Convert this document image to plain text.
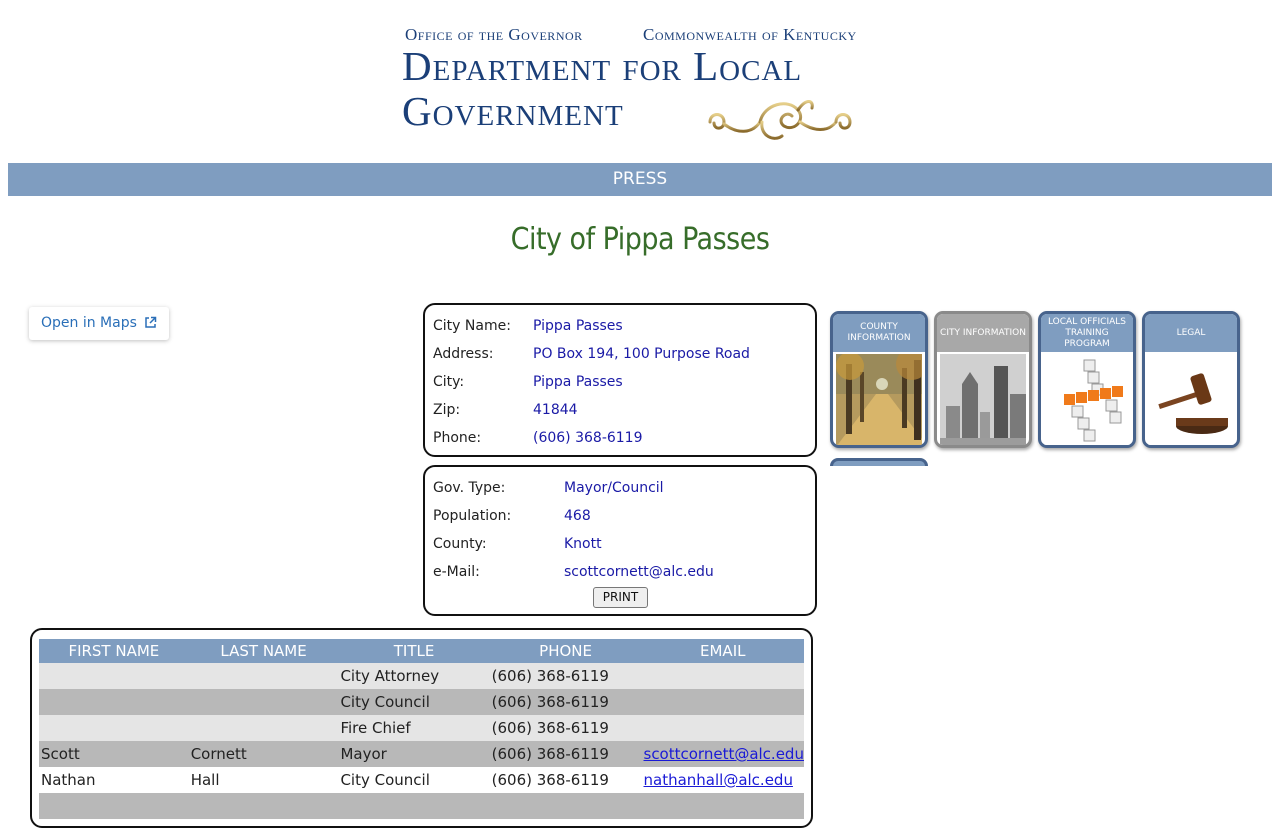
Office of the Governor	Commonwealth of Kentucky
Department for Local
Government
PRESS
City of Pippa Passes
Open in Maps	City Name: Pippa Passes
Address:	PO Box 194, 100 Purpose Road
City:	Pippa Passes
Zip:	41844
Phone:	(606) 368-6119
Gov. Type:	Mayor/Council
Population:	468
County:	Knott
e-Mail:	scottcornett@alc.edu
PRINT
COUNTY INFORMATION
CITY INFORMATION
LOCAL OFFICIALS TRAINING PROGRAM
LEGAL
FIRST NAME	LAST NAME	TITLE	PHONE	EMAIL
		City Attorney	(606) 368-6119	
		City Council	(606) 368-6119	
		Fire Chief	(606) 368-6119	
Scott	Cornett	Mayor	(606) 368-6119	scottcornett@alc.edu
Nathan	Hall	City Council	(606) 368-6119	nathanhall@alc.edu
